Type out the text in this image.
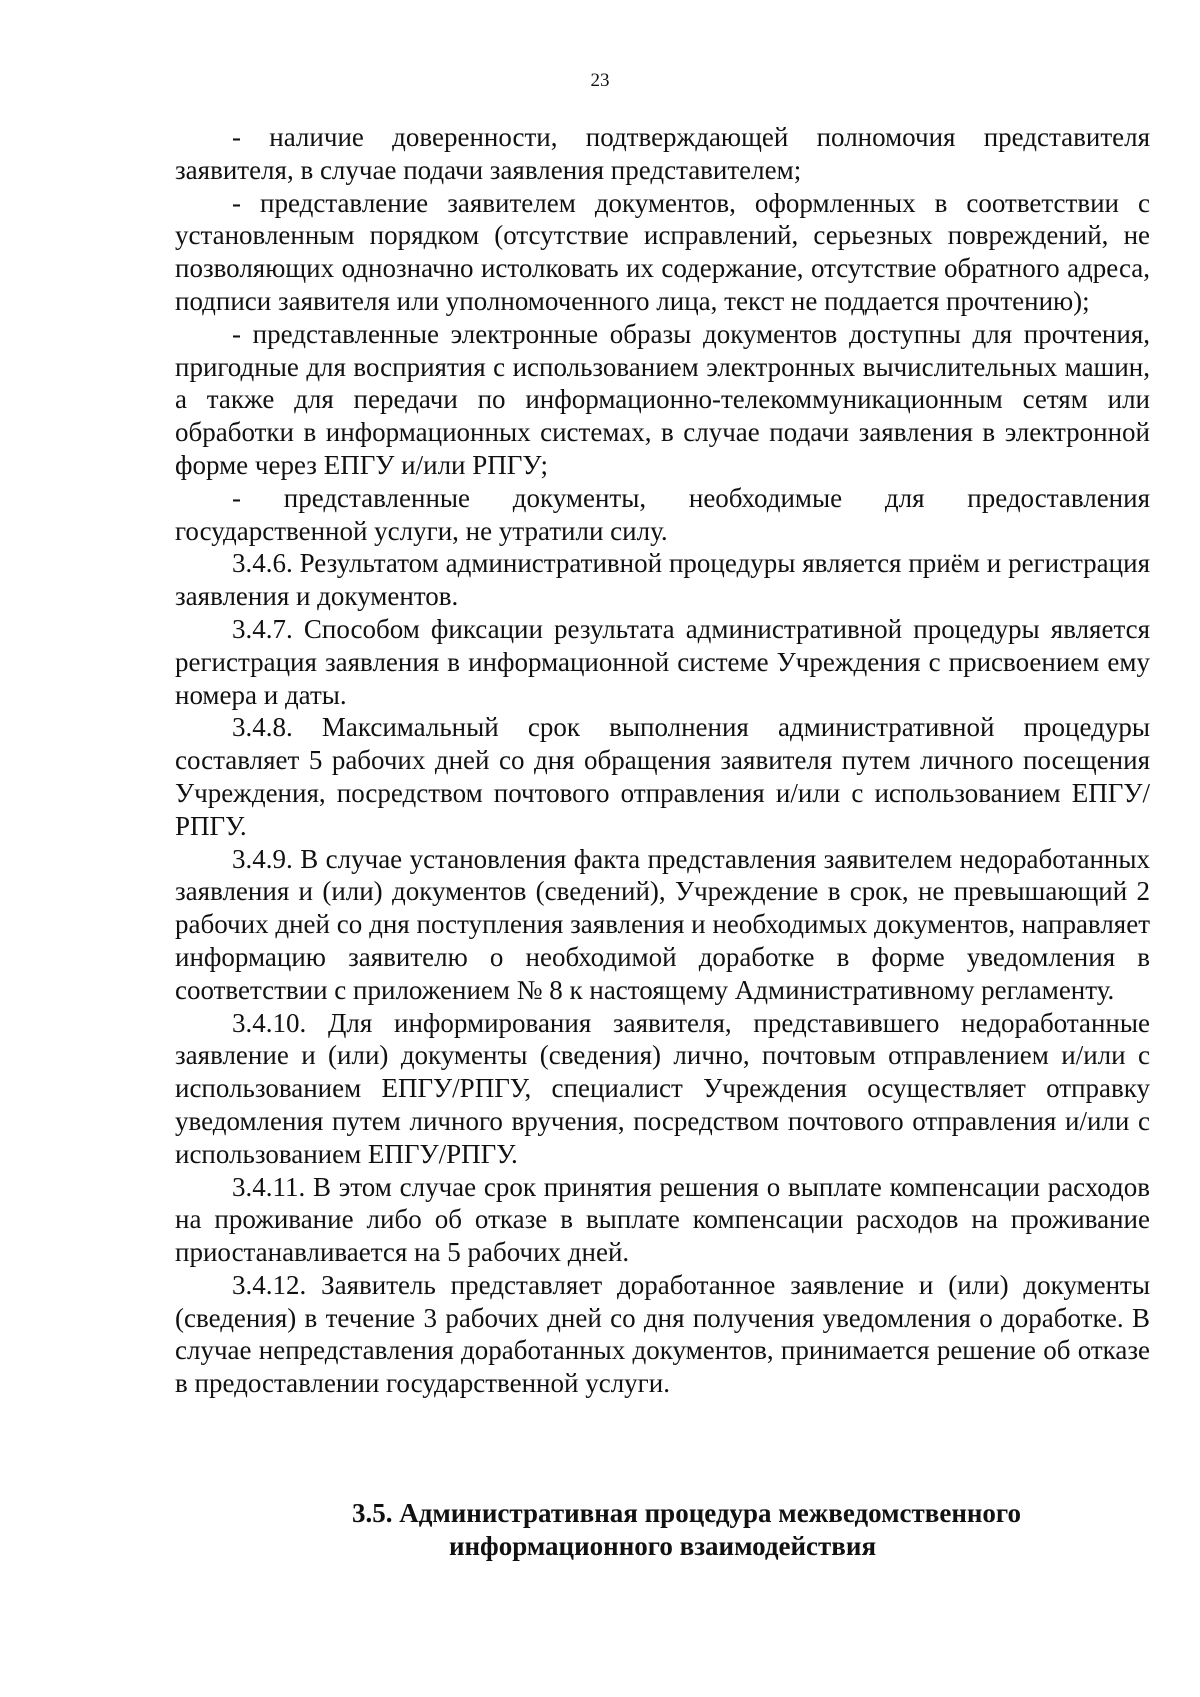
23

- наличие доверенности, подтверждающей полномочия представителя заявителя, в случае подачи заявления представителем;

- представление заявителем документов, оформленных в соответствии с установленным порядком (отсутствие исправлений, серьезных повреждений, не позволяющих однозначно истолковать их содержание, отсутствие обратного адреса, подписи заявителя или уполномоченного лица, текст не поддается прочтению);

- представленные электронные образы документов доступны для прочтения, пригодные для восприятия с использованием электронных вычислительных машин, а также для передачи по информационно-телекоммуникационным сетям или обработки в информационных системах, в случае подачи заявления в электронной форме через ЕПГУ и/или РПГУ;

- представленные документы, необходимые для предоставления государственной услуги, не утратили силу.

3.4.6. Результатом административной процедуры является приём и регистрация заявления и документов.

3.4.7. Способом фиксации результата административной процедуры является регистрация заявления в информационной системе Учреждения с присвоением ему номера и даты.

3.4.8. Максимальный срок выполнения административной процедуры составляет 5 рабочих дней со дня обращения заявителя путем личного посещения Учреждения, посредством почтового отправления и/или с использованием ЕПГУ/РПГУ.

3.4.9. В случае установления факта представления заявителем недоработанных заявления и (или) документов (сведений), Учреждение в срок, не превышающий 2 рабочих дней со дня поступления заявления и необходимых документов, направляет информацию заявителю о необходимой доработке в форме уведомления в соответствии с приложением № 8 к настоящему Административному регламенту.

3.4.10. Для информирования заявителя, представившего недоработанные заявление и (или) документы (сведения) лично, почтовым отправлением и/или с использованием ЕПГУ/РПГУ, специалист Учреждения осуществляет отправку уведомления путем личного вручения, посредством почтового отправления и/или с использованием ЕПГУ/РПГУ.

3.4.11. В этом случае срок принятия решения о выплате компенсации расходов на проживание либо об отказе в выплате компенсации расходов на проживание приостанавливается на 5 рабочих дней.

3.4.12. Заявитель представляет доработанное заявление и (или) документы (сведения) в течение 3 рабочих дней со дня получения уведомления о доработке. В случае непредставления доработанных документов, принимается решение об отказе в предоставлении государственной услуги.

3.5. Административная процедура межведомственного
информационного взаимодействия
